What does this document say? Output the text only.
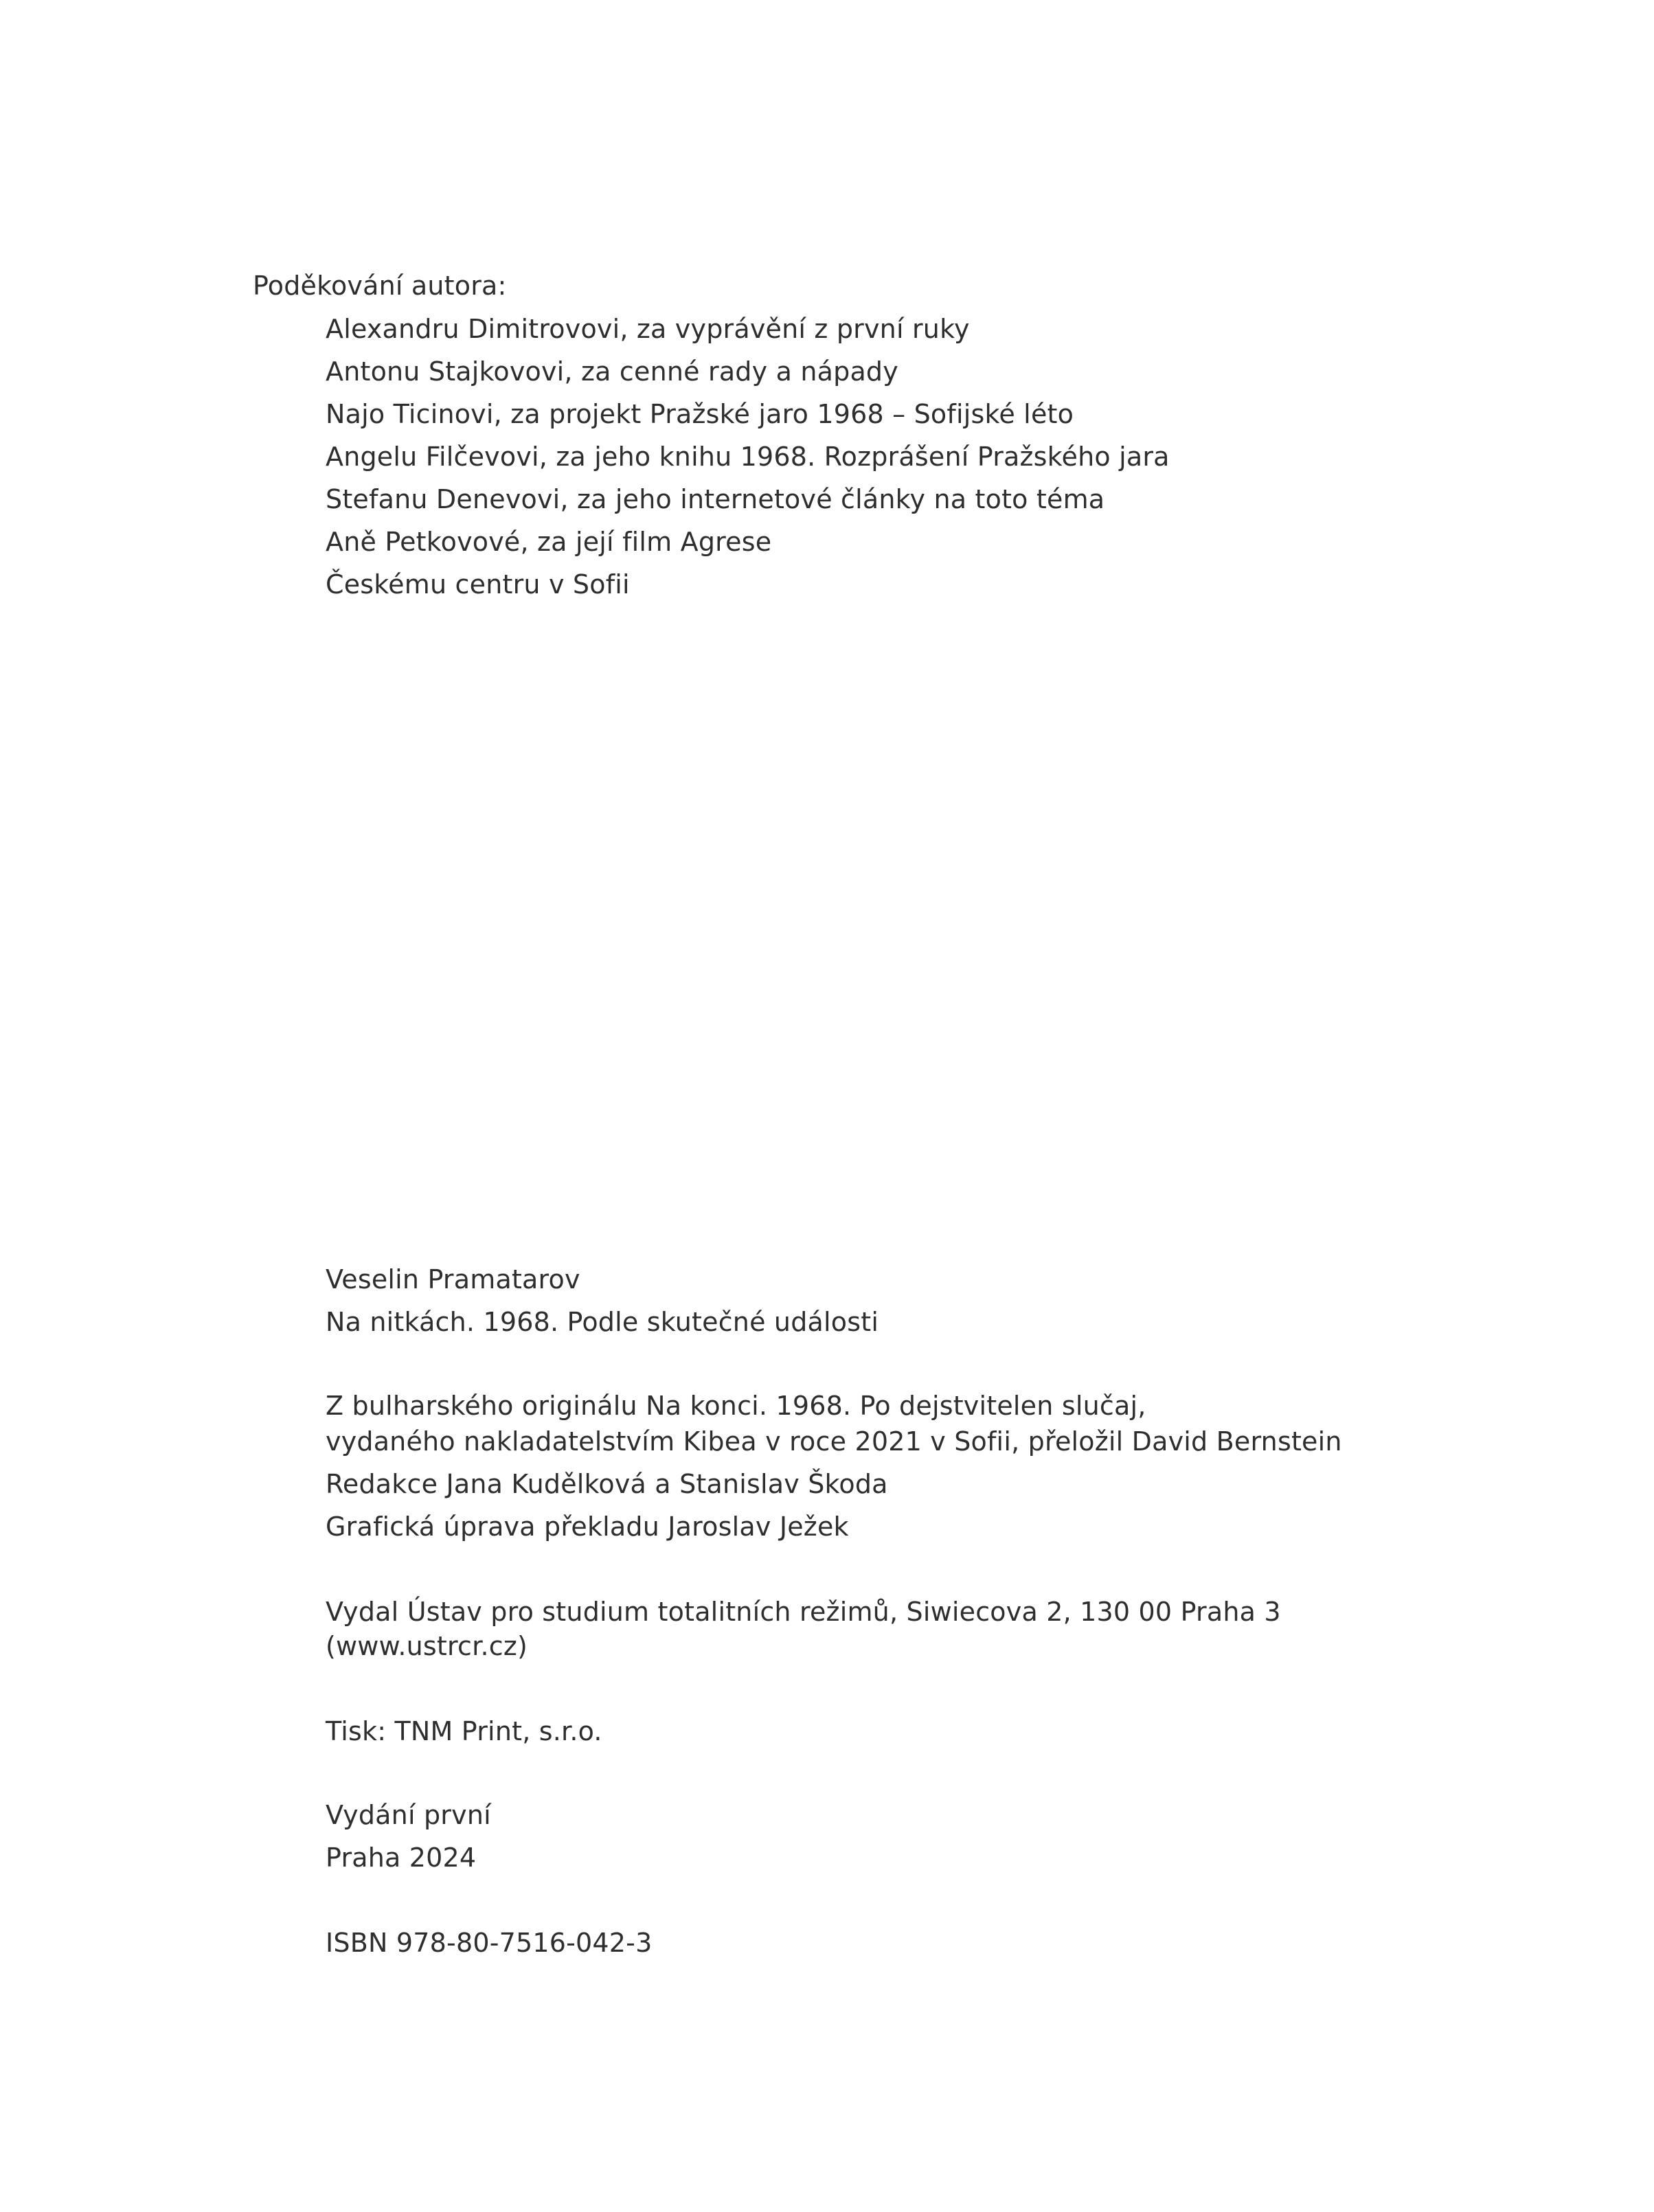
Poděkování autora:
Alexandru Dimitrovovi, za vyprávění z první ruky
Antonu Stajkovovi, za cenné rady a nápady
Najo Ticinovi, za projekt Pražské jaro 1968 – Sofijské léto
Angelu Filčevovi, za jeho knihu 1968. Rozprášení Pražského jara
Stefanu Denevovi, za jeho internetové články na toto téma
Aně Petkovové, za její film Agrese
Českému centru v Sofii
Veselin Pramatarov
Na nitkách. 1968. Podle skutečné události
Z bulharského originálu Na konci. 1968. Po dejstvitelen slučaj,
vydaného nakladatelstvím Kibea v roce 2021 v Sofii, přeložil David Bernstein
Redakce Jana Kudělková a Stanislav Škoda
Grafická úprava překladu Jaroslav Ježek
Vydal Ústav pro studium totalitních režimů, Siwiecova 2, 130 00 Praha 3
(www.ustrcr.cz)
Tisk: TNM Print, s.r.o.
Vydání první
Praha 2024
ISBN 978-80-7516-042-3
